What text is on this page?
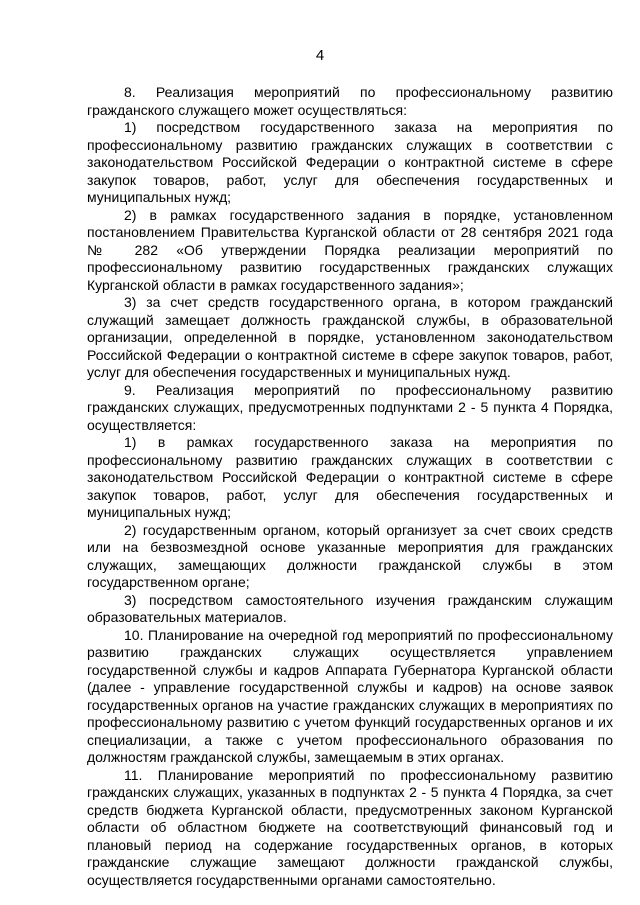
4

8. Реализация мероприятий по профессиональному развитию гражданского служащего может осуществляться:

1) посредством государственного заказа на мероприятия по профессиональному развитию гражданских служащих в соответствии с законодательством Российской Федерации о контрактной системе в сфере закупок товаров, работ, услуг для обеспечения государственных и муниципальных нужд;

2) в рамках государственного задания в порядке, установленном постановлением Правительства Курганской области от 28 сентября 2021 года № 282 «Об утверждении Порядка реализации мероприятий по профессиональному развитию государственных гражданских служащих Курганской области в рамках государственного задания»;

3) за счет средств государственного органа, в котором гражданский служащий замещает должность гражданской службы, в образовательной организации, определенной в порядке, установленном законодательством Российской Федерации о контрактной системе в сфере закупок товаров, работ, услуг для обеспечения государственных и муниципальных нужд.

9. Реализация мероприятий по профессиональному развитию гражданских служащих, предусмотренных подпунктами 2 - 5 пункта 4 Порядка, осуществляется:

1) в рамках государственного заказа на мероприятия по профессиональному развитию гражданских служащих в соответствии с законодательством Российской Федерации о контрактной системе в сфере закупок товаров, работ, услуг для обеспечения государственных и муниципальных нужд;

2) государственным органом, который организует за счет своих средств или на безвозмездной основе указанные мероприятия для гражданских служащих, замещающих должности гражданской службы в этом государственном органе;

3) посредством самостоятельного изучения гражданским служащим образовательных материалов.

10. Планирование на очередной год мероприятий по профессиональному развитию гражданских служащих осуществляется управлением государственной службы и кадров Аппарата Губернатора Курганской области (далее - управление государственной службы и кадров) на основе заявок государственных органов на участие гражданских служащих в мероприятиях по профессиональному развитию с учетом функций государственных органов и их специализации, а также с учетом профессионального образования по должностям гражданской службы, замещаемым в этих органах.

11. Планирование мероприятий по профессиональному развитию гражданских служащих, указанных в подпунктах 2 - 5 пункта 4 Порядка, за счет средств бюджета Курганской области, предусмотренных законом Курганской области об областном бюджете на соответствующий финансовый год и плановый период на содержание государственных органов, в которых гражданские служащие замещают должности гражданской службы, осуществляется государственными органами самостоятельно.
